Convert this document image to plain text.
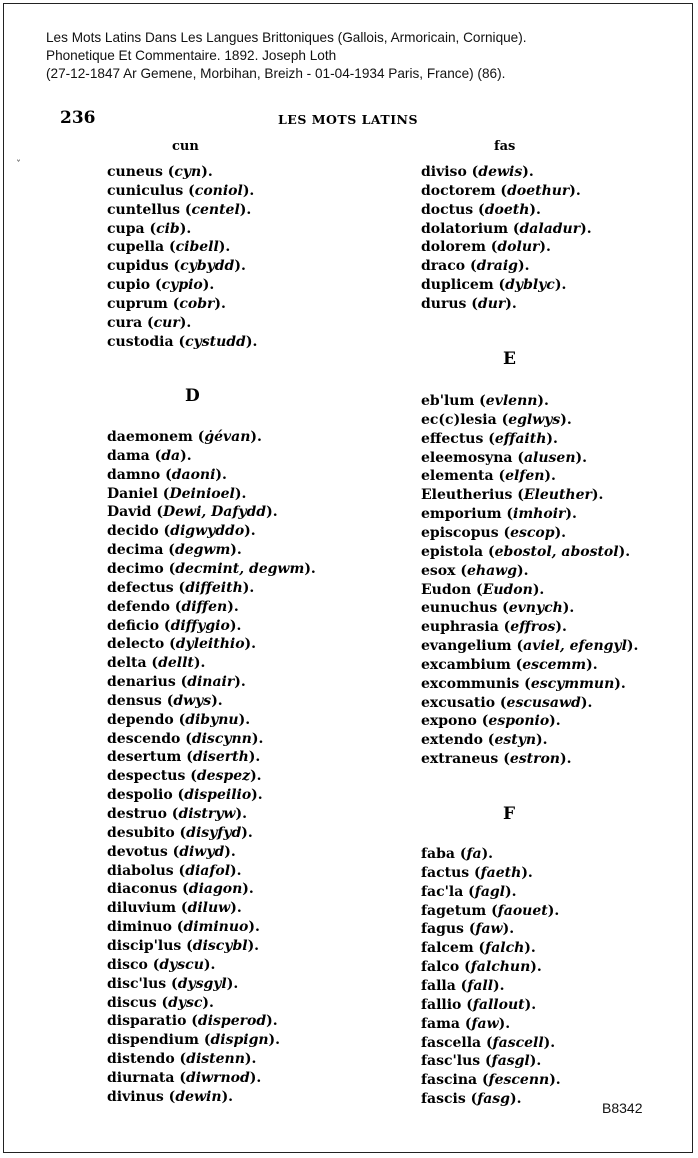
Les Mots Latins Dans Les Langues Brittoniques (Gallois, Armoricain, Cornique).
Phonetique Et Commentaire. 1892. Joseph Loth
(27-12-1847 Ar Gemene, Morbihan, Breizh - 01-04-1934 Paris, France) (86).
236	LES MOTS LATINS
cun	fas
ˇ	cuneus (cyn).
cuniculus (coniol).
cuntellus (centel).
cupa (cib).
cupella (cibell).
cupidus (cybydd).
cupio (cypio).
cuprum (cobr).
cura (cur).
custodia (cystudd).
D
daemonem (ġévan).
dama (da).
damno (daoni).
Daniel (Deinioel).
David (Dewi, Dafydd).
decido (digwyddo).
decima (degwm).
decimo (decmint, degwm).
defectus (diffeith).
defendo (diffen).
deficio (diffygio).
delecto (dyleithio).
delta (dellt).
denarius (dinair).
densus (dwys).
dependo (dibynu).
descendo (discynn).
desertum (diserth).
despectus (despez).
despolio (dispeilio).
destruo (distryw).
desubito (disyfyd).
devotus (diwyd).
diabolus (diafol).
diaconus (diagon).
diluvium (diluw).
diminuo (diminuo).
discip'lus (discybl).
disco (dyscu).
disc'lus (dysgyl).
discus (dysc).
disparatio (disperod).
dispendium (dispign).
distendo (distenn).
diurnata (diwrnod).
divinus (dewin).
diviso (dewis).
doctorem (doethur).
doctus (doeth).
dolatorium (daladur).
dolorem (dolur).
draco (draig).
duplicem (dyblyc).
durus (dur).
E
eb'lum (evlenn).
ec(c)lesia (eglwys).
effectus (effaith).
eleemosyna (alusen).
elementa (elfen).
Eleutherius (Eleuther).
emporium (imhoir).
episcopus (escop).
epistola (ebostol, abostol).
esox (ehawg).
Eudon (Eudon).
eunuchus (evnych).
euphrasia (effros).
evangelium (aviel, efengyl).
excambium (escemm).
excommunis (escymmun).
excusatio (escusawd).
expono (esponio).
extendo (estyn).
extraneus (estron).
F
faba (fa).
factus (faeth).
fac'la (fagl).
fagetum (faouet).
fagus (faw).
falcem (falch).
falco (falchun).
falla (fall).
fallio (fallout).
fama (faw).
fascella (fascell).
fasc'lus (fasgl).
fascina (fescenn).
fascis (fasg).
B8342
